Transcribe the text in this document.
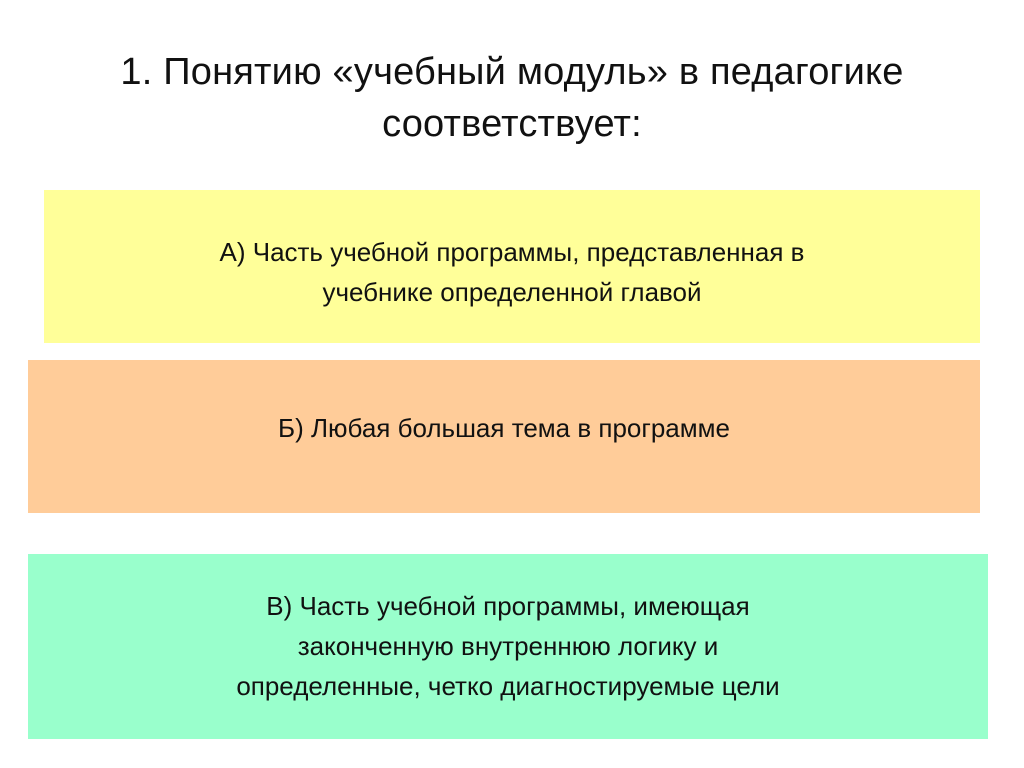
1. Понятию «учебный модуль» в педагогике
соответствует:
А) Часть учебной программы, представленная в
учебнике определенной главой
Б) Любая большая тема в программе
В) Часть учебной программы, имеющая
законченную внутреннюю логику и
определенные, четко диагностируемые цели
